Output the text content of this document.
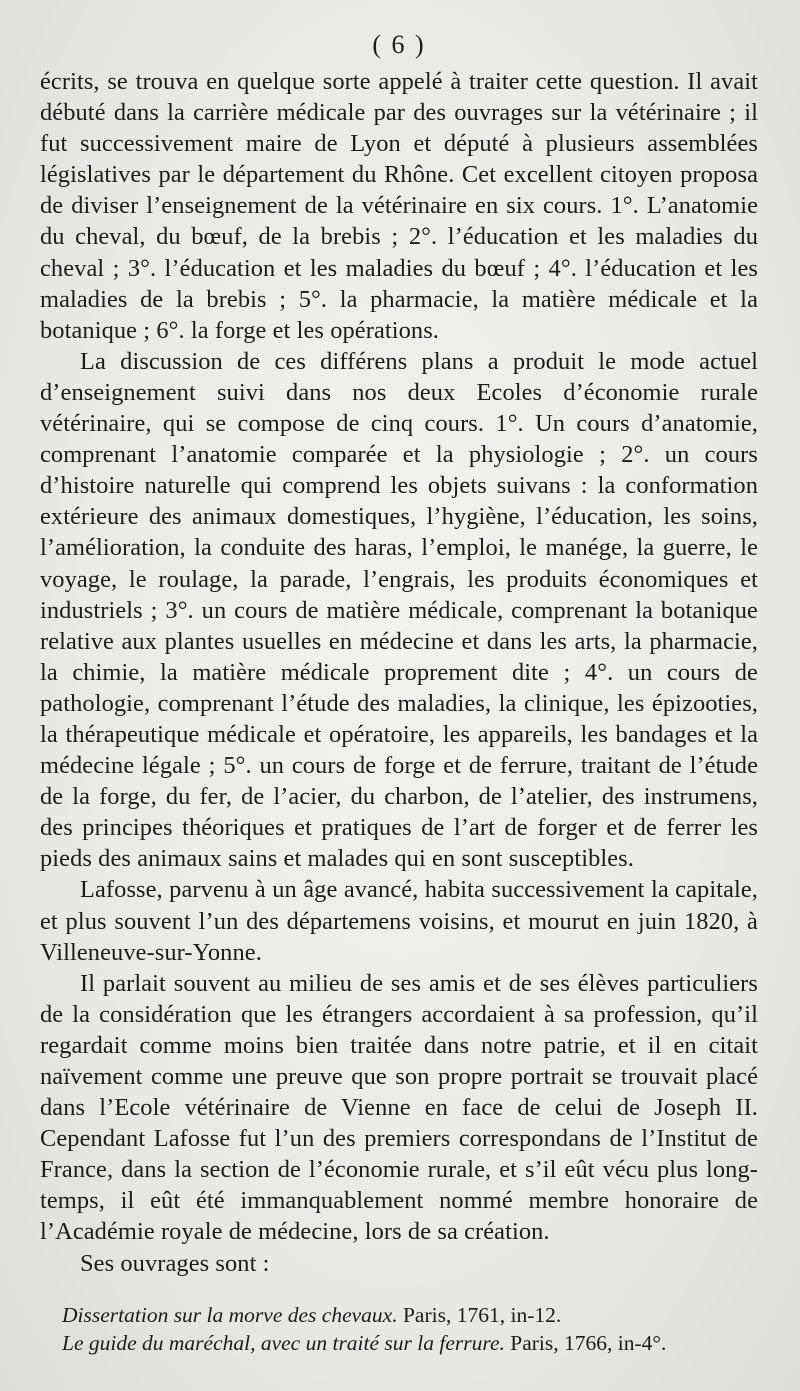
( 6 )

écrits, se trouva en quelque sorte appelé à traiter cette question. Il avait débuté dans la carrière médicale par des ouvrages sur la vétérinaire ; il fut successivement maire de Lyon et député à plusieurs assemblées législatives par le département du Rhône. Cet excellent citoyen proposa de diviser l’enseignement de la vétérinaire en six cours. 1°. L’anatomie du cheval, du bœuf, de la brebis ; 2°. l’éducation et les maladies du cheval ; 3°. l’éducation et les maladies du bœuf ; 4°. l’éducation et les maladies de la brebis ; 5°. la pharmacie, la matière médicale et la botanique ; 6°. la forge et les opérations.

La discussion de ces différens plans a produit le mode actuel d’enseignement suivi dans nos deux Ecoles d’économie rurale vétérinaire, qui se compose de cinq cours. 1°. Un cours d’anatomie, comprenant l’anatomie comparée et la physiologie ; 2°. un cours d’histoire naturelle qui comprend les objets suivans : la conformation extérieure des animaux domestiques, l’hygiène, l’éducation, les soins, l’amélioration, la conduite des haras, l’emploi, le manége, la guerre, le voyage, le roulage, la parade, l’engrais, les produits économiques et industriels ; 3°. un cours de matière médicale, comprenant la botanique relative aux plantes usuelles en médecine et dans les arts, la pharmacie, la chimie, la matière médicale proprement dite ; 4°. un cours de pathologie, comprenant l’étude des maladies, la clinique, les épizooties, la thérapeutique médicale et opératoire, les appareils, les bandages et la médecine légale ; 5°. un cours de forge et de ferrure, traitant de l’étude de la forge, du fer, de l’acier, du charbon, de l’atelier, des instrumens, des principes théoriques et pratiques de l’art de forger et de ferrer les pieds des animaux sains et malades qui en sont susceptibles.

Lafosse, parvenu à un âge avancé, habita successivement la capitale, et plus souvent l’un des départemens voisins, et mourut en juin 1820, à Villeneuve-sur-Yonne.

Il parlait souvent au milieu de ses amis et de ses élèves particuliers de la considération que les étrangers accordaient à sa profession, qu’il regardait comme moins bien traitée dans notre patrie, et il en citait naïvement comme une preuve que son propre portrait se trouvait placé dans l’Ecole vétérinaire de Vienne en face de celui de Joseph II. Cependant Lafosse fut l’un des premiers correspondans de l’Institut de France, dans la section de l’économie rurale, et s’il eût vécu plus long-temps, il eût été immanquablement nommé membre honoraire de l’Académie royale de médecine, lors de sa création.

Ses ouvrages sont :

Dissertation sur la morve des chevaux. Paris, 1761, in-12.
Le guide du maréchal, avec un traité sur la ferrure. Paris, 1766, in-4°.
